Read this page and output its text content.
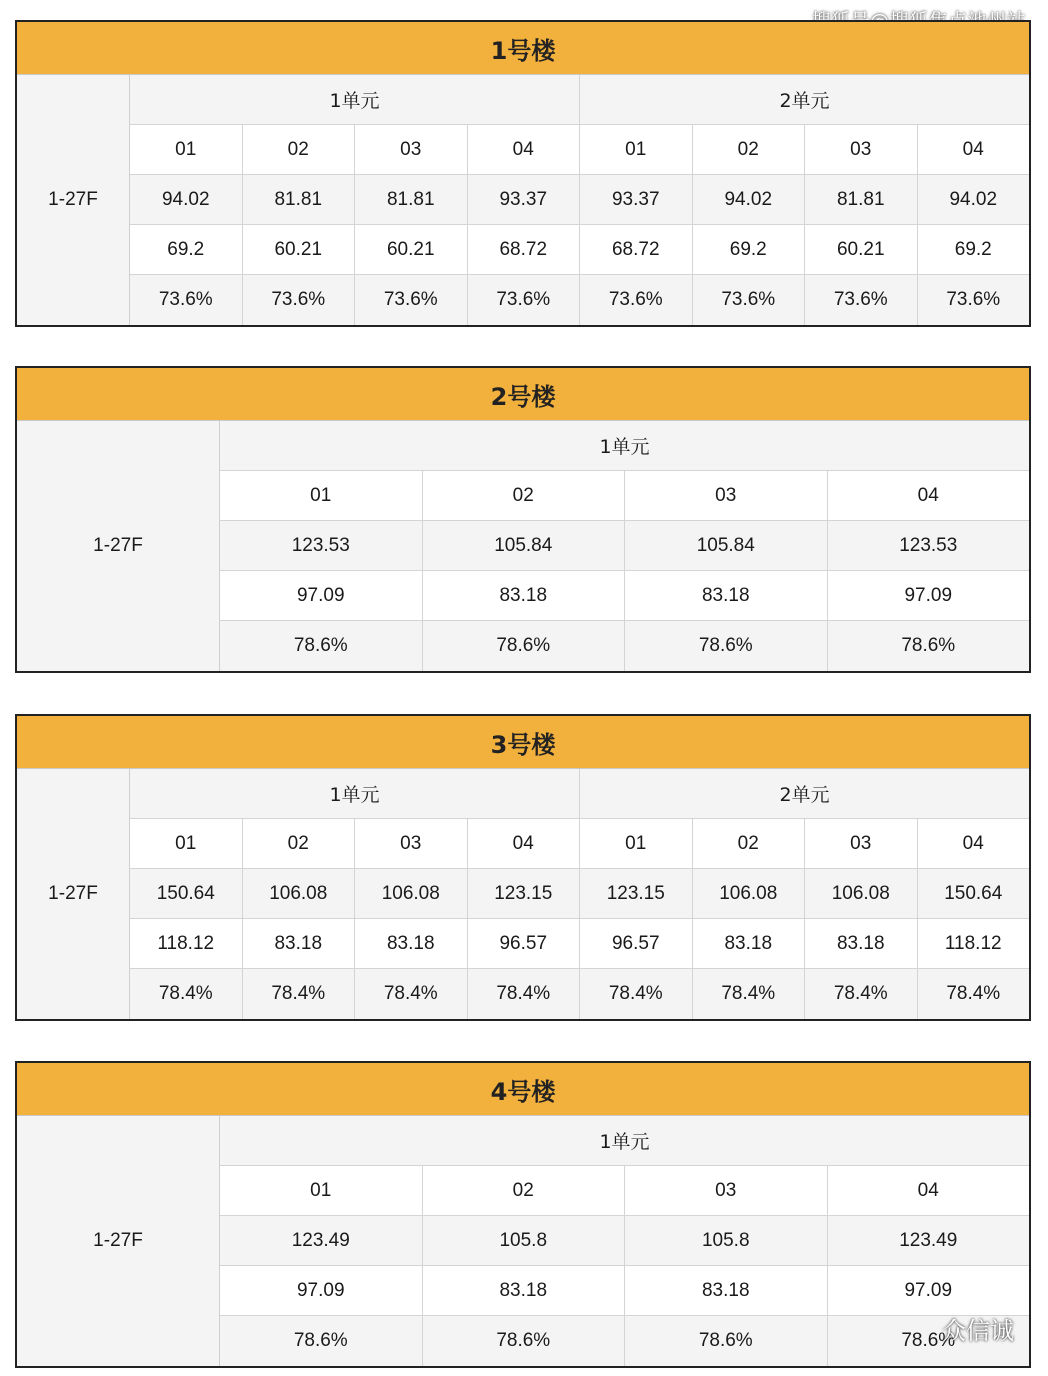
1号楼
1-27F
1单元	2单元
01	02	03	04	01	02	03	04
94.02	81.81	81.81	93.37	93.37	94.02	81.81	94.02
69.2	60.21	60.21	68.72	68.72	69.2	60.21	69.2
73.6%	73.6%	73.6%	73.6%	73.6%	73.6%	73.6%	73.6%
2号楼
1-27F
1单元
01	02	03	04
123.53	105.84	105.84	123.53
97.09	83.18	83.18	97.09
78.6%	78.6%	78.6%	78.6%
3号楼
1-27F
1单元	2单元
01	02	03	04	01	02	03	04
150.64	106.08	106.08	123.15	123.15	106.08	106.08	150.64
118.12	83.18	83.18	96.57	96.57	83.18	83.18	118.12
78.4%	78.4%	78.4%	78.4%	78.4%	78.4%	78.4%	78.4%
4号楼
1-27F
1单元
01	02	03	04
123.49	105.8	105.8	123.49
97.09	83.18	83.18	97.09
78.6%	78.6%	78.6%	78.6%
众信诚
